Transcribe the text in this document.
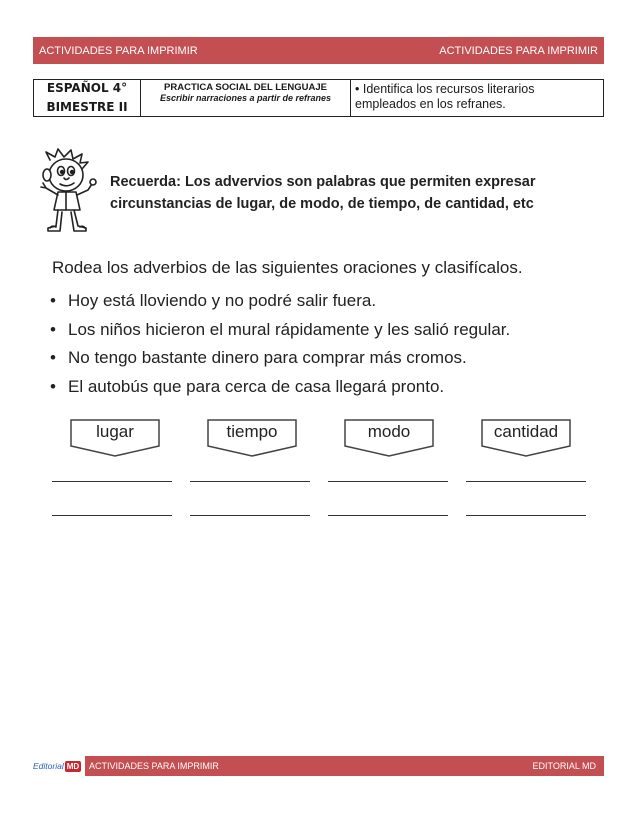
ACTIVIDADES PARA IMPRIMIR	ACTIVIDADES PARA IMPRIMIR
ESPAÑOL 4°
BIMESTRE II
PRACTICA SOCIAL DEL LENGUAJE
Escribir narraciones a partir de refranes
• Identifica los recursos literarios empleados en los refranes.
Recuerda: Los advervios son palabras que permiten expresar circunstancias de lugar, de modo, de tiempo, de cantidad, etc
Rodea los adverbios de las siguientes oraciones y clasifícalos.
• Hoy está lloviendo y no podré salir fuera.
• Los niños hicieron el mural rápidamente y les salió regular.
• No tengo bastante dinero para comprar más cromos.
• El autobús que para cerca de casa llegará pronto.
lugar	tiempo	modo	cantidad
ACTIVIDADES PARA IMPRIMIR	EDITORIAL MD
Editorial MD
